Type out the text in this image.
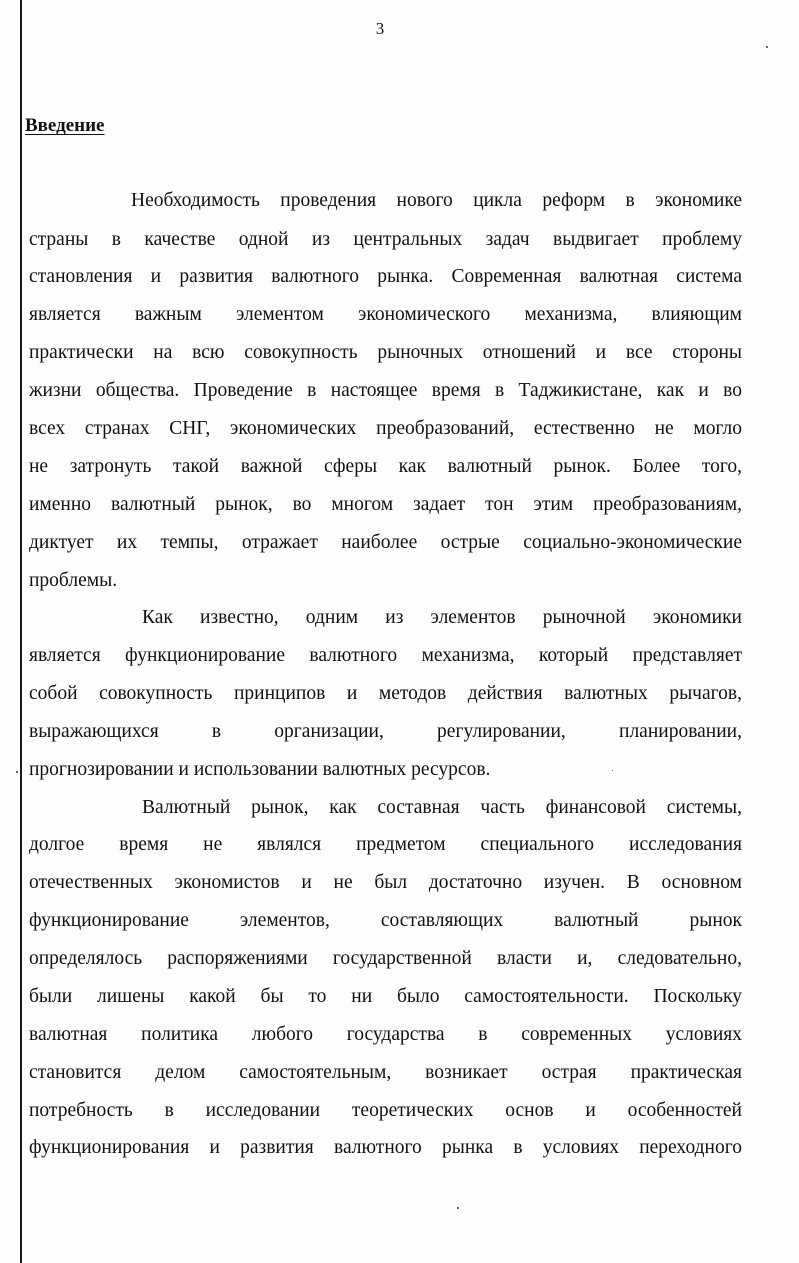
3
Введение
Необходимость проведения нового цикла реформ в экономике
страны в качестве одной из центральных задач выдвигает проблему
становления и развития валютного рынка. Современная валютная система
является важным элементом экономического механизма, влияющим
практически на всю совокупность рыночных отношений и все стороны
жизни общества. Проведение в настоящее время в Таджикистане, как и во
всех странах СНГ, экономических преобразований, естественно не могло
не затронуть такой важной сферы как валютный рынок. Более того,
именно валютный рынок, во многом задает тон этим преобразованиям,
диктует их темпы, отражает наиболее острые социально-экономические
проблемы.
Как известно, одним из элементов рыночной экономики
является функционирование валютного механизма, который представляет
собой совокупность принципов и методов действия валютных рычагов,
выражающихся в организации, регулировании, планировании,
прогнозировании и использовании валютных ресурсов.
Валютный рынок, как составная часть финансовой системы,
долгое время не являлся предметом специального исследования
отечественных экономистов и не был достаточно изучен. В основном
функционирование элементов, составляющих валютный рынок
определялось распоряжениями государственной власти и, следовательно,
были лишены какой бы то ни было самостоятельности. Поскольку
валютная политика любого государства в современных условиях
становится делом самостоятельным, возникает острая практическая
потребность в исследовании теоретических основ и особенностей
функционирования и развития валютного рынка в условиях переходного
